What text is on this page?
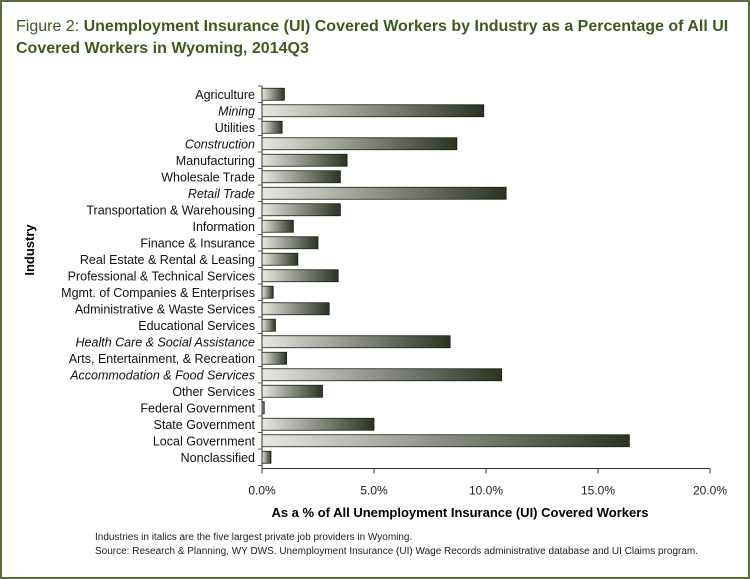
Figure 2: Unemployment Insurance (UI) Covered Workers by Industry as a Percentage of All UI Covered Workers in Wyoming, 2014Q3
Agriculture
Mining
Utilities
Construction
Manufacturing
Wholesale Trade
Retail Trade
Transportation & Warehousing
Information
Finance & Insurance
Real Estate & Rental & Leasing
Professional & Technical Services
Mgmt. of Companies & Enterprises
Administrative & Waste Services
Educational Services
Health Care & Social Assistance
Arts, Entertainment, & Recreation
Accommodation & Food Services
Other Services
Federal Government
State Government
Local Government
Nonclassified
0.0%	5.0%	10.0%	15.0%	20.0%
Industry
As a % of All Unemployment Insurance (UI) Covered Workers
Industries in italics are the five largest private job providers in Wyoming.
Source: Research & Planning, WY DWS. Unemployment Insurance (UI) Wage Records administrative database and UI Claims program.
